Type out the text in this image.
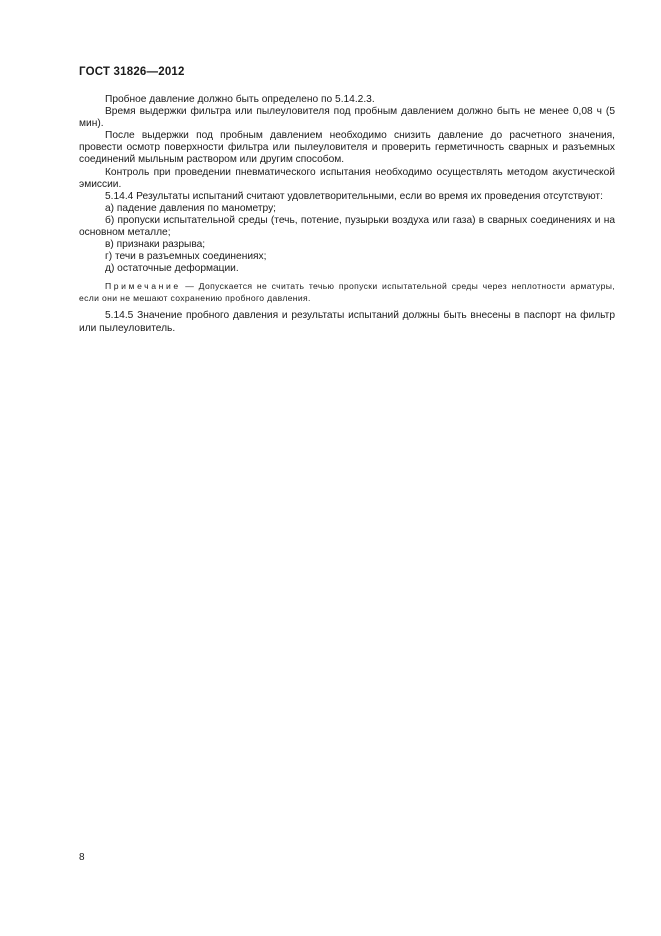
ГОСТ 31826—2012

Пробное давление должно быть определено по 5.14.2.3.

Время выдержки фильтра или пылеуловителя под пробным давлением должно быть не менее 0,08 ч (5 мин).

После выдержки под пробным давлением необходимо снизить давление до расчетного значения, провести осмотр поверхности фильтра или пылеуловителя и проверить герметичность сварных и разъемных соединений мыльным раствором или другим способом.

Контроль при проведении пневматического испытания необходимо осуществлять методом акустической эмиссии.

5.14.4 Результаты испытаний считают удовлетворительными, если во время их проведения отсутствуют:

а) падение давления по манометру;

б) пропуски испытательной среды (течь, потение, пузырьки воздуха или газа) в сварных соединениях и на основном металле;

в) признаки разрыва;

г) течи в разъемных соединениях;

д) остаточные деформации.

Примечание — Допускается не считать течью пропуски испытательной среды через неплотности арматуры, если они не мешают сохранению пробного давления.

5.14.5 Значение пробного давления и результаты испытаний должны быть внесены в паспорт на фильтр или пылеуловитель.

8
